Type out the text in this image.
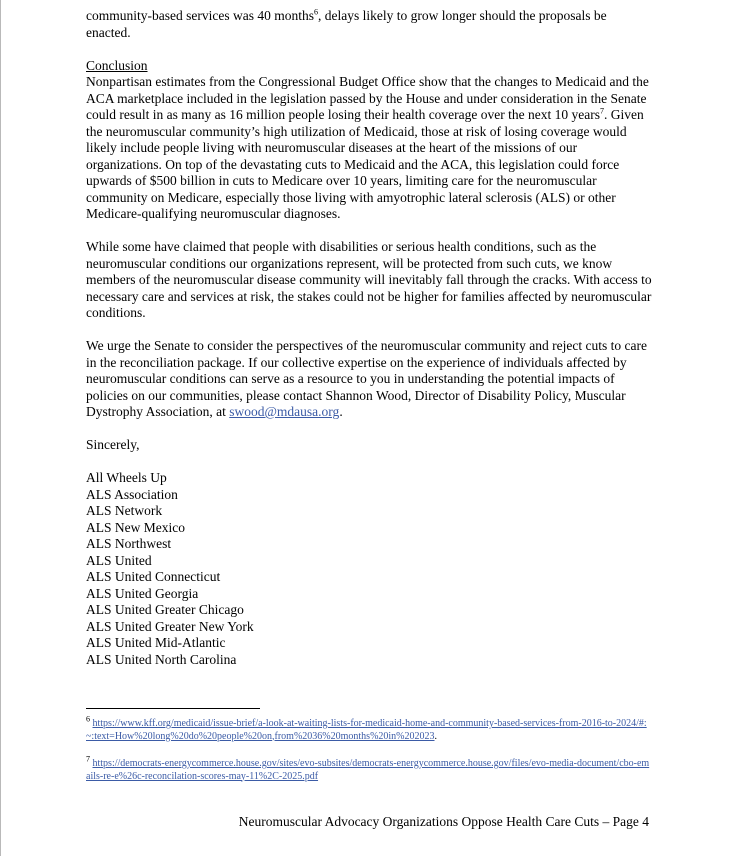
community-based services was 40 months$^6$, delays likely to grow longer should the proposals be enacted.

Conclusion

Nonpartisan estimates from the Congressional Budget Office show that the changes to Medicaid and the ACA marketplace included in the legislation passed by the House and under consideration in the Senate could result in as many as 16 million people losing their health coverage over the next 10 years$^7$. Given the neuromuscular community’s high utilization of Medicaid, those at risk of losing coverage would likely include people living with neuromuscular diseases at the heart of the missions of our organizations. On top of the devastating cuts to Medicaid and the ACA, this legislation could force upwards of $500 billion in cuts to Medicare over 10 years, limiting care for the neuromuscular community on Medicare, especially those living with amyotrophic lateral sclerosis (ALS) or other Medicare-qualifying neuromuscular diagnoses.

While some have claimed that people with disabilities or serious health conditions, such as the neuromuscular conditions our organizations represent, will be protected from such cuts, we know members of the neuromuscular disease community will inevitably fall through the cracks. With access to necessary care and services at risk, the stakes could not be higher for families affected by neuromuscular conditions.

We urge the Senate to consider the perspectives of the neuromuscular community and reject cuts to care in the reconciliation package. If our collective expertise on the experience of individuals affected by neuromuscular conditions can serve as a resource to you in understanding the potential impacts of policies on our communities, please contact Shannon Wood, Director of Disability Policy, Muscular Dystrophy Association, at swood@mdausa.org.

Sincerely,

All Wheels Up
ALS Association
ALS Network
ALS New Mexico
ALS Northwest
ALS United
ALS United Connecticut
ALS United Georgia
ALS United Greater Chicago
ALS United Greater New York
ALS United Mid-Atlantic
ALS United North Carolina
$^6$ https://www.kff.org/medicaid/issue-brief/a-look-at-waiting-lists-for-medicaid-home-and-community-based-services-from-2016-to-2024/#:~:text=How%20long%20do%20people%20on,from%2036%20months%20in%202023.
$^7$ https://democrats-energycommerce.house.gov/sites/evo-subsites/democrats-energycommerce.house.gov/files/evo-media-document/cbo-emails-re-e%26c-reconcilation-scores-may-11%2C-2025.pdf
Neuromuscular Advocacy Organizations Oppose Health Care Cuts – Page 4
